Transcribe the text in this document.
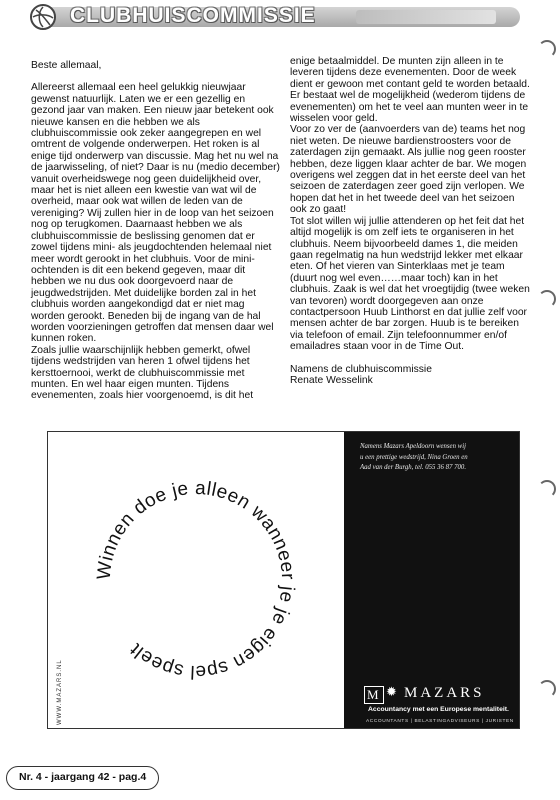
CLUBHUISCOMMISSIE

Beste allemaal,

Allereerst allemaal een heel gelukkig nieuwjaar gewenst natuurlijk. Laten we er een gezellig en gezond jaar van maken. Een nieuw jaar betekent ook nieuwe kansen en die hebben we als clubhuiscommissie ook zeker aangegrepen en wel omtrent de volgende onderwerpen. Het roken is al enige tijd onderwerp van discussie. Mag het nu wel na de jaarwisseling, of niet? Daar is nu (medio december) vanuit overheidswege nog geen duidelijkheid over, maar het is niet alleen een kwestie van wat wil de overheid, maar ook wat willen de leden van de vereniging? Wij zullen hier in de loop van het seizoen nog op terugkomen. Daarnaast hebben we als clubhuiscommissie de beslissing genomen dat er zowel tijdens mini- als jeugdochtenden helemaal niet meer wordt gerookt in het clubhuis. Voor de mini-ochtenden is dit een bekend gegeven, maar dit hebben we nu dus ook doorgevoerd naar de jeugdwedstrijden. Met duidelijke borden zal in het clubhuis worden aangekondigd dat er niet mag worden gerookt. Beneden bij de ingang van de hal worden voorzieningen getroffen dat mensen daar wel kunnen roken.

Zoals jullie waarschijnlijk hebben gemerkt, ofwel tijdens wedstrijden van heren 1 ofwel tijdens het kersttoernooi, werkt de clubhuiscommissie met munten. En wel haar eigen munten. Tijdens evenementen, zoals hier voorgenoemd, is dit het

enige betaalmiddel. De munten zijn alleen in te leveren tijdens deze evenementen. Door de week dient er gewoon met contant geld te worden betaald. Er bestaat wel de mogelijkheid (wederom tijdens de evenementen) om het te veel aan munten weer in te wisselen voor geld.

Voor zo ver de (aanvoerders van de) teams het nog niet weten. De nieuwe bardienstroosters voor de zaterdagen zijn gemaakt. Als jullie nog geen rooster hebben, deze liggen klaar achter de bar. We mogen overigens wel zeggen dat in het eerste deel van het seizoen de zaterdagen zeer goed zijn verlopen. We hopen dat het in het tweede deel van het seizoen ook zo gaat!

Tot slot willen wij jullie attenderen op het feit dat het altijd mogelijk is om zelf iets te organiseren in het clubhuis. Neem bijvoorbeeld dames 1, die meiden gaan regelmatig na hun wedstrijd lekker met elkaar eten. Of het vieren van Sinterklaas met je team (duurt nog wel even……maar toch) kan in het clubhuis. Zaak is wel dat het vroegtijdig (twee weken van tevoren) wordt doorgegeven aan onze contactpersoon Huub Linthorst en dat jullie zelf voor mensen achter de bar zorgen. Huub is te bereiken via telefoon of email. Zijn telefoonnummer en/of emailadres staan voor in de Time Out.

Namens de clubhuiscommissie

Renate Wesselink

Winnen doe je alleen wanneer je je eigen spel speelt
WWW.MAZARS.NL
Namens Mazars Apeldoorn wensen wij
u een prettige wedstrijd, Nina Groen en
Aad van der Burgh, tel. 055 36 87 700.
M ✹ MAZARS
Accountancy met een Europese mentaliteit.
ACCOUNTANTS | BELASTINGADVISEURS | JURISTEN
Nr. 4 - jaargang 42 - pag.4
